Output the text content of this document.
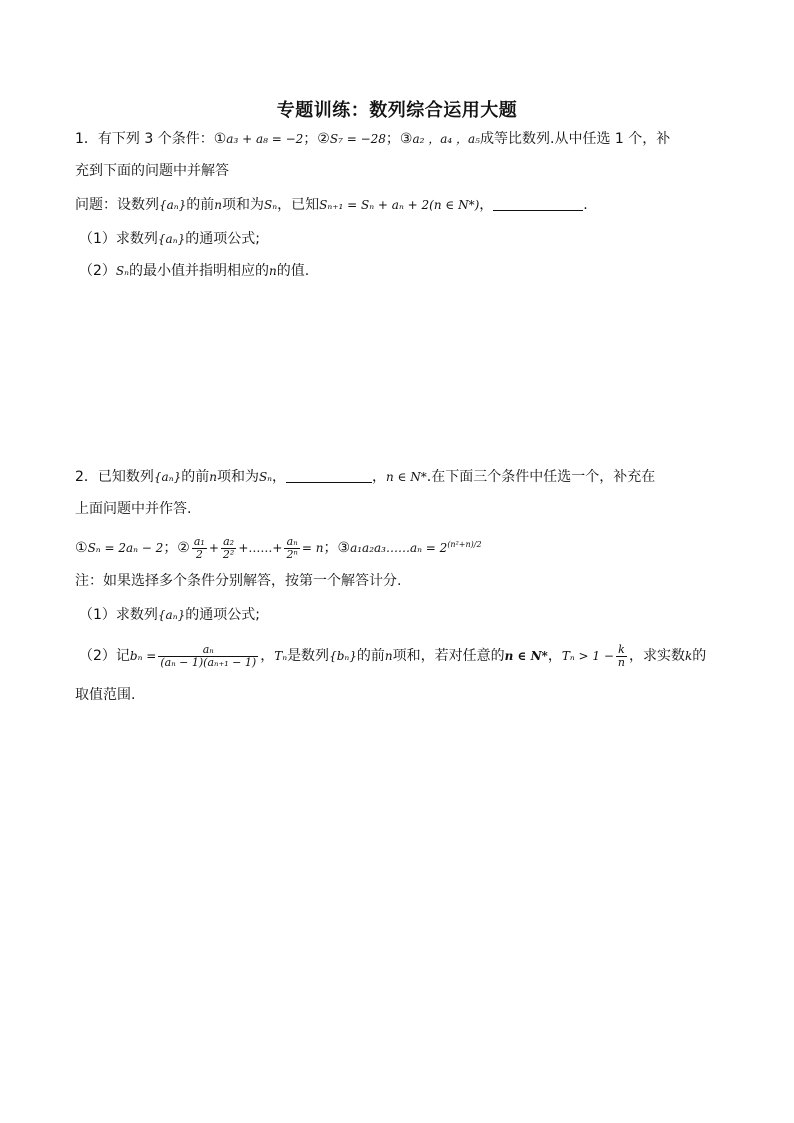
专题训练：数列综合运用大题
1．有下列 3 个条件：①a₃ + a₈ = −2；②S₇ = −28；③a₂ ，a₄ ，a₅成等比数列.从中任选 1 个，补
充到下面的问题中并解答
问题：设数列{aₙ}的前n项和为Sₙ，已知Sₙ₊₁ = Sₙ + aₙ + 2(n ∈ N*)，	.
（1）求数列{aₙ}的通项公式;
（2）Sₙ的最小值并指明相应的n的值.
2．已知数列{aₙ}的前n项和为Sₙ，	，n ∈ N*.在下面三个条件中任选一个，补充在
上面问题中并作答.
①Sₙ = 2aₙ − 2；② $\frac{\text{a₁}}{2} + \frac{\text{a₂}}{\text{2²}}$ +……+ $\frac{\text{aₙ}}{\text{2ⁿ}} = n$；③a₁a₂a₃……aₙ = $2^{(n^2+n)/2}$
注：如果选择多个条件分别解答，按第一个解答计分.
（1）求数列{aₙ}的通项公式;
（2）记$b_n = \frac{\text{aₙ}}{\text{(aₙ − 1)(aₙ₊₁ − 1)}}$ ，Tₙ是数列{bₙ}的前n项和，若对任意的n ∈ N*，$T_n > 1 - \frac{k}{n}$ ，求实数k的
取值范围.
